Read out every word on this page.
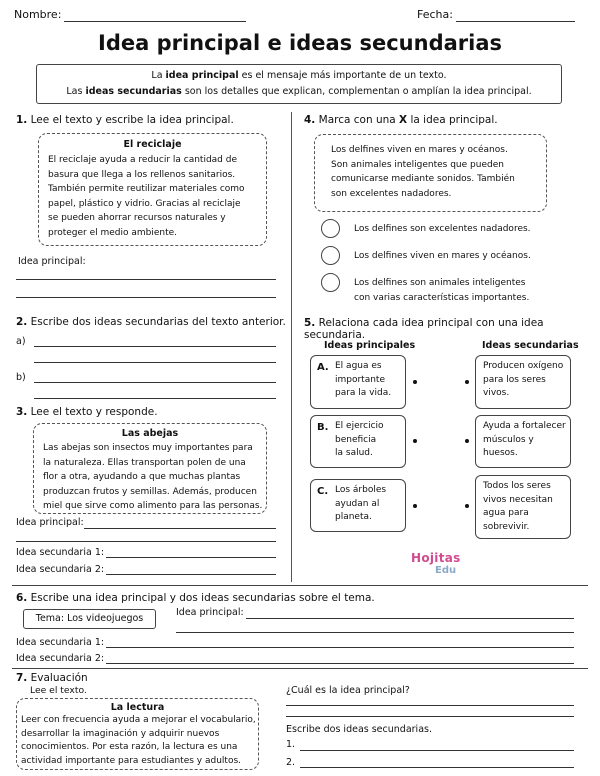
Nombre:	Fecha:
Idea principal e ideas secundarias
La idea principal es el mensaje más importante de un texto.
Las ideas secundarias son los detalles que explican, complementan o amplían la idea principal.
1. Lee el texto y escribe la idea principal.
El reciclaje
El reciclaje ayuda a reducir la cantidad de
basura que llega a los rellenos sanitarios.
También permite reutilizar materiales como
papel, plástico y vidrio. Gracias al reciclaje
se pueden ahorrar recursos naturales y
proteger el medio ambiente.
Idea principal:
2. Escribe dos ideas secundarias del texto anterior.
a)
b)
3. Lee el texto y responde.
Las abejas
Las abejas son insectos muy importantes para
la naturaleza. Ellas transportan polen de una
flor a otra, ayudando a que muchas plantas
produzcan frutos y semillas. Además, producen
miel que sirve como alimento para las personas.
Idea principal:
Idea secundaria 1:
Idea secundaria 2:
4. Marca con una X la idea principal.
Los delfines viven en mares y océanos.
Son animales inteligentes que pueden
comunicarse mediante sonidos. También
son excelentes nadadores.
Los delfines son excelentes nadadores.
Los delfines viven en mares y océanos.
Los delfines son animales inteligentes
con varias características importantes.
5. Relaciona cada idea principal con una idea secundaria.
Ideas principales	Ideas secundarias
A. El agua es
importante
para la vida.
B. El ejercicio
beneficia
la salud.
C. Los árboles
ayudan al
planeta.
Producen oxígeno
para los seres
vivos.
Ayuda a fortalecer
músculos y
huesos.
Todos los seres
vivos necesitan
agua para
sobrevivir.
Hojitas
Edu
6. Escribe una idea principal y dos ideas secundarias sobre el tema.
Tema: Los videojuegos
Idea principal:
Idea secundaria 1:
Idea secundaria 2:
7. Evaluación
Lee el texto.
La lectura
Leer con frecuencia ayuda a mejorar el vocabulario,
desarrollar la imaginación y adquirir nuevos
conocimientos. Por esta razón, la lectura es una
actividad importante para estudiantes y adultos.
¿Cuál es la idea principal?
Escribe dos ideas secundarias.
1.
2.
